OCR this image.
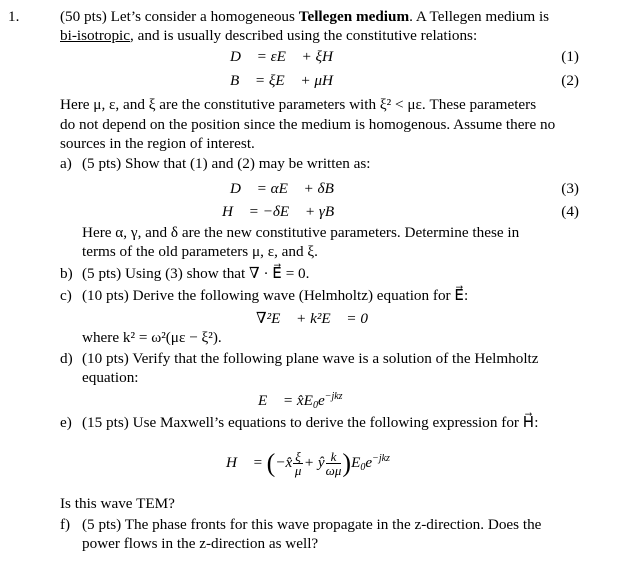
1.	(50 pts) Let’s consider a homogeneous Tellegen medium. A Tellegen medium is
bi-isotropic, and is usually described using the constitutive relations:
D⃗ = εE⃗ + ξH⃗	(1)
B⃗ = ξE⃗ + μH⃗	(2)
Here μ, ε, and ξ are the constitutive parameters with ξ² < με. These parameters
do not depend on the position since the medium is homogenous. Assume there no
sources in the region of interest.
a) (5 pts) Show that (1) and (2) may be written as:
D⃗ = αE⃗ + δB⃗	(3)
H⃗ = −δE⃗ + γB⃗	(4)
Here α, γ, and δ are the new constitutive parameters. Determine these in
terms of the old parameters μ, ε, and ξ.
b) (5 pts) Using (3) show that ∇ · E⃗ = 0.
c) (10 pts) Derive the following wave (Helmholtz) equation for E⃗:
∇²E⃗ + k²E⃗ = 0
where k² = ω²(με − ξ²).
d) (10 pts) Verify that the following plane wave is a solution of the Helmholtz
equation:
E⃗ = $x̂E_0e^{-jkz}$
e) (15 pts) Use Maxwell’s equations to derive the following expression for H⃗:
H⃗ = (−x̂ $\frac{\xi}{\mu}$ + ŷ $\frac{k}{\omega\mu} )E_0e^{-jkz}$
Is this wave TEM?
f) (5 pts) The phase fronts for this wave propagate in the z-direction. Does the
power flows in the z-direction as well?
